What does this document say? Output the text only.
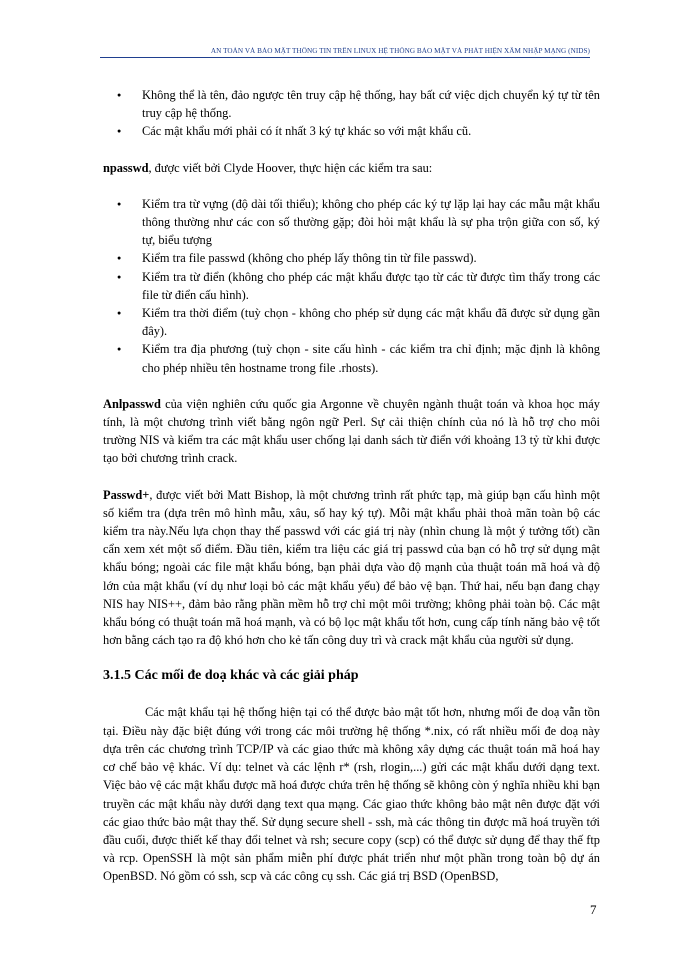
AN TOÀN VÀ BẢO MẬT THÔNG TIN TRÊN LINUX HỆ THỐNG BẢO MẬT VÀ PHÁT HIỆN XÂM NHẬP MẠNG (NIDS)
● Không thể là tên, đảo ngược tên truy cập hệ thống, hay bất cứ việc dịch chuyển ký tự từ tên truy cập hệ thống.
● Các mật khẩu mới phải có ít nhất 3 ký tự khác so với mật khẩu cũ.

npasswd, được viết bởi Clyde Hoover, thực hiện các kiểm tra sau:

● Kiểm tra từ vựng (độ dài tối thiểu); không cho phép các ký tự lặp lại hay các mẫu mật khẩu thông thường như các con số thường gặp; đòi hỏi mật khẩu là sự pha trộn giữa con số, ký tự, biểu tượng
● Kiểm tra file passwd (không cho phép lấy thông tin từ file passwd).
● Kiểm tra từ điển (không cho phép các mật khẩu được tạo từ các từ được tìm thấy trong các file từ điển cấu hình).
● Kiểm tra thời điểm (tuỳ chọn - không cho phép sử dụng các mật khẩu đã được sử dụng gần đây).
● Kiểm tra địa phương (tuỳ chọn - site cấu hình - các kiểm tra chỉ định; mặc định là không cho phép nhiều tên hostname trong file .rhosts).

Anlpasswd của viện nghiên cứu quốc gia Argonne về chuyên ngành thuật toán và khoa học máy tính, là một chương trình viết bằng ngôn ngữ Perl. Sự cải thiện chính của nó là hỗ trợ cho môi trường NIS và kiểm tra các mật khẩu user chống lại danh sách từ điển với khoảng 13 tỷ từ khi được tạo bởi chương trình crack.

Passwd+, được viết bởi Matt Bishop, là một chương trình rất phức tạp, mà giúp bạn cấu hình một số kiểm tra (dựa trên mô hình mẫu, xâu, số hay ký tự). Mỗi mật khẩu phải thoả mãn toàn bộ các kiểm tra này.Nếu lựa chọn thay thế passwd với các giá trị này (nhìn chung là một ý tưởng tốt) cần cẩn xem xét một số điểm. Đầu tiên, kiểm tra liệu các giá trị passwd của bạn có hỗ trợ sử dụng mật khẩu bóng; ngoài các file mật khẩu bóng, bạn phải dựa vào độ mạnh của thuật toán mã hoá và độ lớn của mật khẩu (ví dụ như loại bỏ các mật khẩu yếu) để bảo vệ bạn. Thứ hai, nếu bạn đang chạy NIS hay NIS++, đảm bảo rằng phần mềm hỗ trợ chỉ một môi trường; không phải toàn bộ. Các mật khẩu bóng có thuật toán mã hoá mạnh, và có bộ lọc mật khẩu tốt hơn, cung cấp tính năng bảo vệ tốt hơn bằng cách tạo ra độ khó hơn cho kẻ tấn công duy trì và crack mật khẩu của người sử dụng.

3.1.5 Các mối đe doạ khác và các giải pháp

Các mật khẩu tại hệ thống hiện tại có thể được bảo mật tốt hơn, nhưng mối đe doạ vẫn tồn tại. Điều này đặc biệt đúng với trong các môi trường hệ thống *.nix, có rất nhiều mối đe doạ này dựa trên các chương trình TCP/IP và các giao thức mà không xây dựng các thuật toán mã hoá hay cơ chế bảo vệ khác. Ví dụ: telnet và các lệnh r* (rsh, rlogin,...) gửi các mật khẩu dưới dạng text. Việc bảo vệ các mật khẩu được mã hoá được chứa trên hệ thống sẽ không còn ý nghĩa nhiều khi bạn truyền các mật khẩu này dưới dạng text qua mạng. Các giao thức không bảo mật nên được đặt với các giao thức bảo mật thay thế. Sử dụng secure shell - ssh, mà các thông tin được mã hoá truyền tới đầu cuối, được thiết kế thay đổi telnet và rsh; secure copy (scp) có thể được sử dụng để thay thế ftp và rcp. OpenSSH là một sản phẩm miễn phí được phát triển như một phần trong toàn bộ dự án OpenBSD. Nó gồm có ssh, scp và các công cụ ssh. Các giá trị BSD (OpenBSD,

7
